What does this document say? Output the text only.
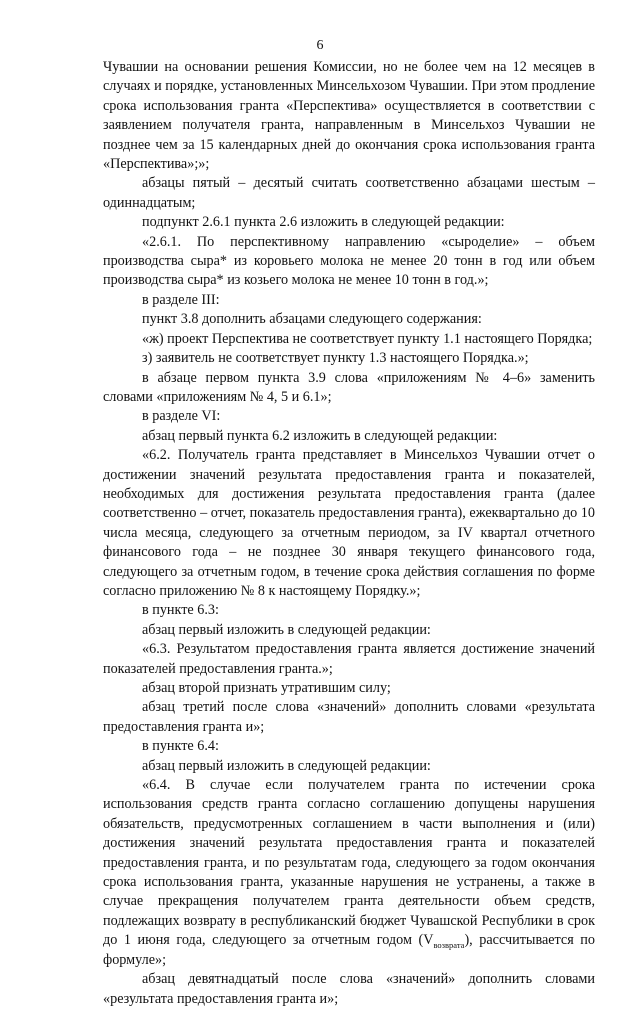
6

Чувашии на основании решения Комиссии, но не более чем на 12 месяцев в случаях и порядке, установленных Минсельхозом Чувашии. При этом продление срока использования гранта «Перспектива» осуществляется в соответствии с заявлением получателя гранта, направленным в Минсельхоз Чувашии не позднее чем за 15 календарных дней до окончания срока использования гранта «Перспектива»;»;

абзацы пятый – десятый считать соответственно абзацами шестым – одиннадцатым;

подпункт 2.6.1 пункта 2.6 изложить в следующей редакции:

«2.6.1. По перспективному направлению «сыроделие» – объем производства сыра* из коровьего молока не менее 20 тонн в год или объем производства сыра* из козьего молока не менее 10 тонн в год.»;

в разделе III:

пункт 3.8 дополнить абзацами следующего содержания:

«ж) проект Перспектива не соответствует пункту 1.1 настоящего Порядка;

з) заявитель не соответствует пункту 1.3 настоящего Порядка.»;

в абзаце первом пункта 3.9 слова «приложениям № 4–6» заменить словами «приложениям № 4, 5 и 6.1»;

в разделе VI:

абзац первый пункта 6.2 изложить в следующей редакции:

«6.2. Получатель гранта представляет в Минсельхоз Чувашии отчет о достижении значений результата предоставления гранта и показателей, необходимых для достижения результата предоставления гранта (далее соответственно – отчет, показатель предоставления гранта), ежеквартально до 10 числа месяца, следующего за отчетным периодом, за IV квартал отчетного финансового года – не позднее 30 января текущего финансового года, следующего за отчетным годом, в течение срока действия соглашения по форме согласно приложению № 8 к настоящему Порядку.»;

в пункте 6.3:

абзац первый изложить в следующей редакции:

«6.3. Результатом предоставления гранта является достижение значений показателей предоставления гранта.»;

абзац второй признать утратившим силу;

абзац третий после слова «значений» дополнить словами «результата предоставления гранта и»;

в пункте 6.4:

абзац первый изложить в следующей редакции:

«6.4. В случае если получателем гранта по истечении срока использования средств гранта согласно соглашению допущены нарушения обязательств, предусмотренных соглашением в части выполнения и (или) достижения значений результата предоставления гранта и показателей предоставления гранта, и по результатам года, следующего за годом окончания срока использования гранта, указанные нарушения не устранены, а также в случае прекращения получателем гранта деятельности объем средств, подлежащих возврату в республиканский бюджет Чувашской Республики в срок до 1 июня года, следующего за отчетным годом $(V_{возврата})$, рассчитывается по формуле»;

абзац девятнадцатый после слова «значений» дополнить словами «результата предоставления гранта и»;
